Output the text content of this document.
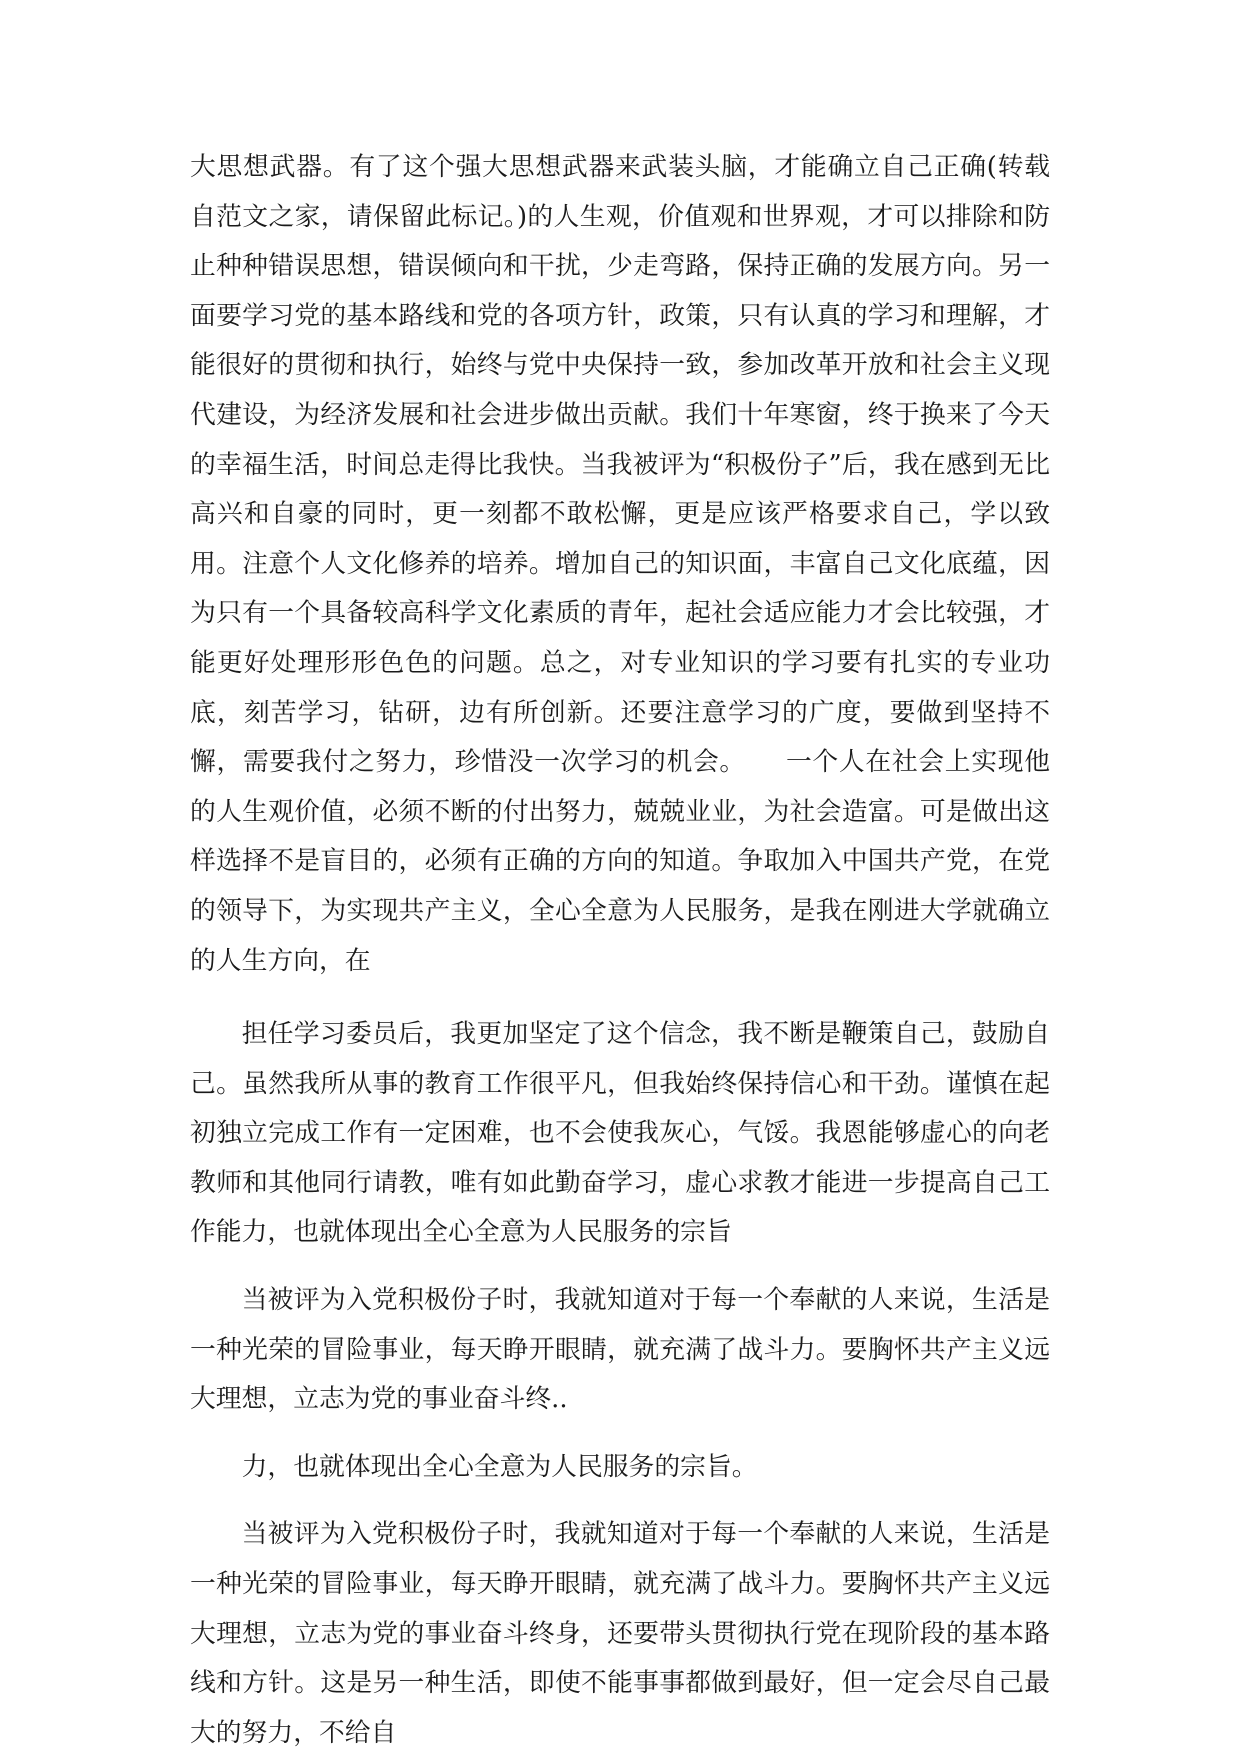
大思想武器。有了这个强大思想武器来武装头脑，才能确立自己正确(转载自范文之家，请保留此标记。)的人生观，价值观和世界观，才可以排除和防止种种错误思想，错误倾向和干扰，少走弯路，保持正确的发展方向。另一面要学习党的基本路线和党的各项方针，政策，只有认真的学习和理解，才能很好的贯彻和执行，始终与党中央保持一致，参加改革开放和社会主义现代建设，为经济发展和社会进步做出贡献。我们十年寒窗，终于换来了今天的幸福生活，时间总走得比我快。当我被评为“积极份子”后，我在感到无比高兴和自豪的同时，更一刻都不敢松懈，更是应该严格要求自己，学以致用。注意个人文化修养的培养。增加自己的知识面，丰富自己文化底蕴，因为只有一个具备较高科学文化素质的青年，起社会适应能力才会比较强，才能更好处理形形色色的问题。总之，对专业知识的学习要有扎实的专业功底，刻苦学习，钻研，边有所创新。还要注意学习的广度，要做到坚持不懈，需要我付之努力，珍惜没一次学习的机会。　　一个人在社会上实现他的人生观价值，必须不断的付出努力，兢兢业业，为社会造富。可是做出这样选择不是盲目的，必须有正确的方向的知道。争取加入中国共产党，在党的领导下，为实现共产主义，全心全意为人民服务，是我在刚进大学就确立的人生方向，在

担任学习委员后，我更加坚定了这个信念，我不断是鞭策自己，鼓励自己。虽然我所从事的教育工作很平凡，但我始终保持信心和干劲。谨慎在起初独立完成工作有一定困难，也不会使我灰心，气馁。我恩能够虚心的向老教师和其他同行请教，唯有如此勤奋学习，虚心求教才能进一步提高自己工作能力，也就体现出全心全意为人民服务的宗旨

当被评为入党积极份子时，我就知道对于每一个奉献的人来说，生活是一种光荣的冒险事业，每天睁开眼睛，就充满了战斗力。要胸怀共产主义远大理想，立志为党的事业奋斗终..

力，也就体现出全心全意为人民服务的宗旨。

当被评为入党积极份子时，我就知道对于每一个奉献的人来说，生活是一种光荣的冒险事业，每天睁开眼睛，就充满了战斗力。要胸怀共产主义远大理想，立志为党的事业奋斗终身，还要带头贯彻执行党在现阶段的基本路线和方针。这是另一种生活，即使不能事事都做到最好，但一定会尽自己最大的努力，不给自
